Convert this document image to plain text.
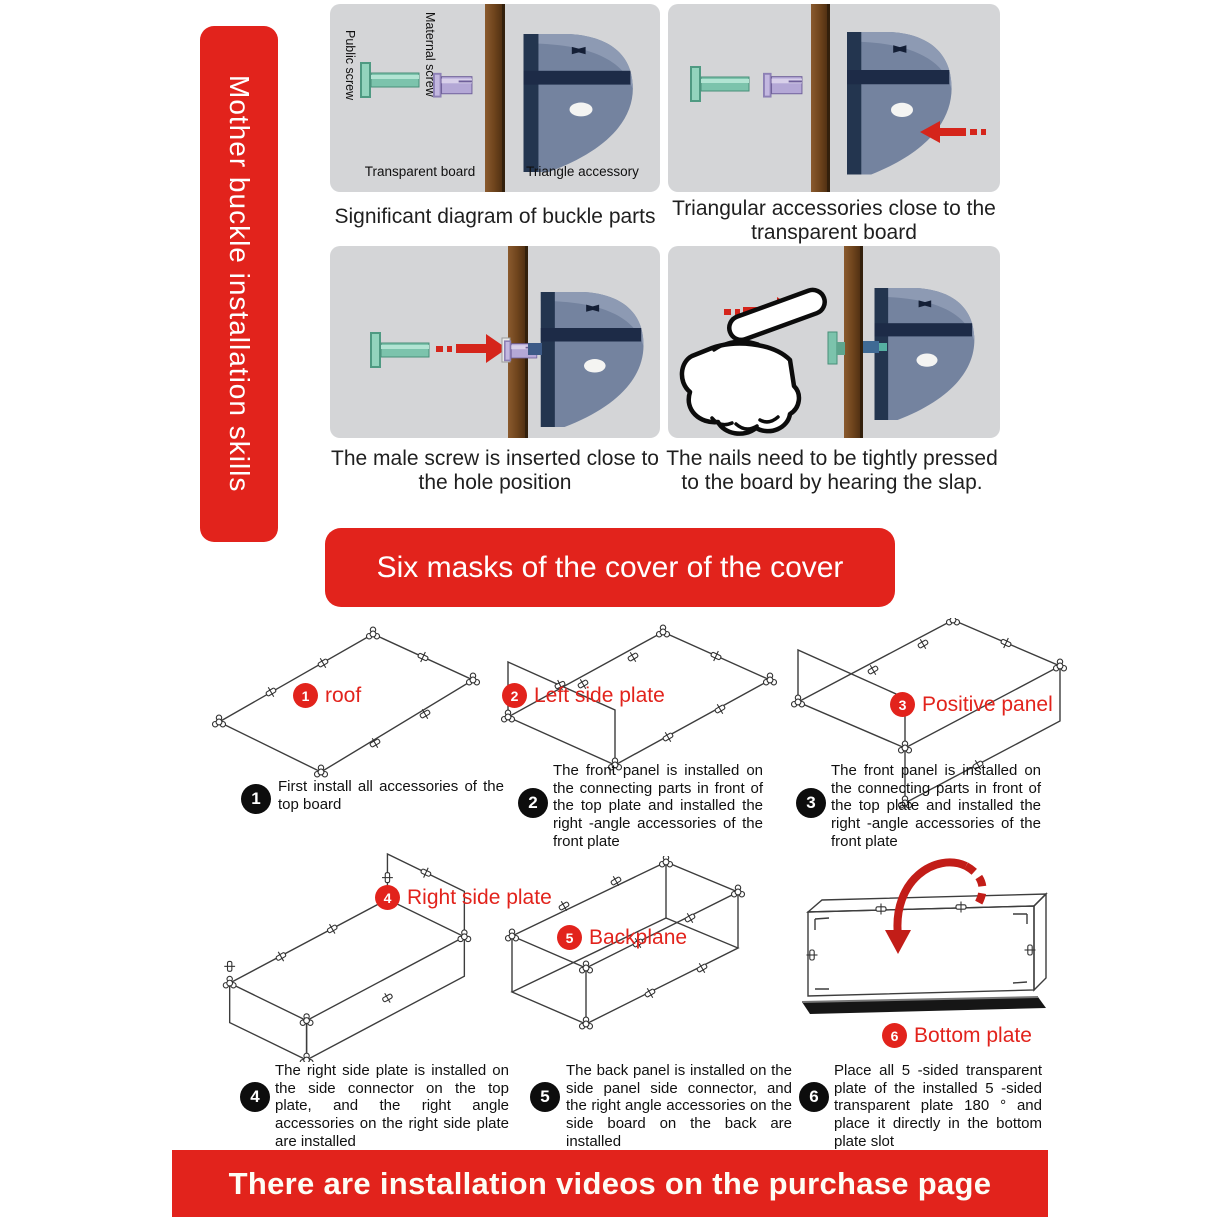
Mother buckle installation skills
Public screw	Maternal screw
Transparent board	Triangle accessory
Significant diagram of buckle parts Triangular accessories close to the transparent board
The male screw is inserted close to the hole position
The nails need to be tightly pressed to the board by hearing the slap.
Six masks of the cover of the cover
1 roof	2 Left side plate	3 Positive panel
4 Right side plate
5 Backplane
6 Bottom plate
1
First install all accessories of the top board	2
The front panel is installed on the connecting parts in front of the top plate and installed the right -angle accessories of the front plate
3
The front panel is installed on the connecting parts in front of the top plate and installed the right -angle accessories of the front plate
4
The right side plate is installed on the side connector on the top plate, and the right angle accessories on the right side plate are installed
5
The back panel is installed on the side panel side connector, and the right angle accessories on the side board on the back are installed
6
Place all 5 -sided transparent plate of the installed 5 -sided transparent plate 180 ° and place it directly in the bottom plate slot
There are installation videos on the purchase page
